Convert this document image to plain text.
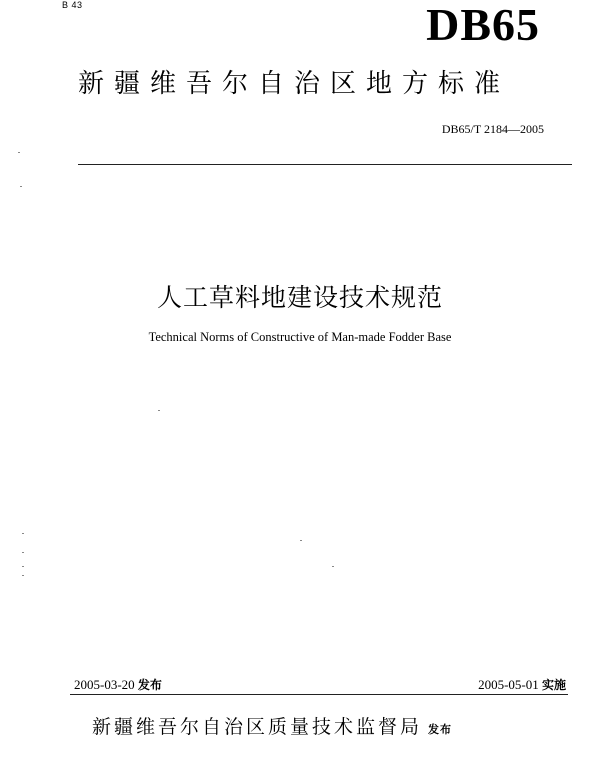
B 43	DB65
新疆维吾尔自治区地方标准
DB65/T 2184—2005
人工草料地建设技术规范
Technical Norms of Constructive of Man-made Fodder Base
2005-03-20 发布	2005-05-01 实施
新疆维吾尔自治区质量技术监督局 发布
